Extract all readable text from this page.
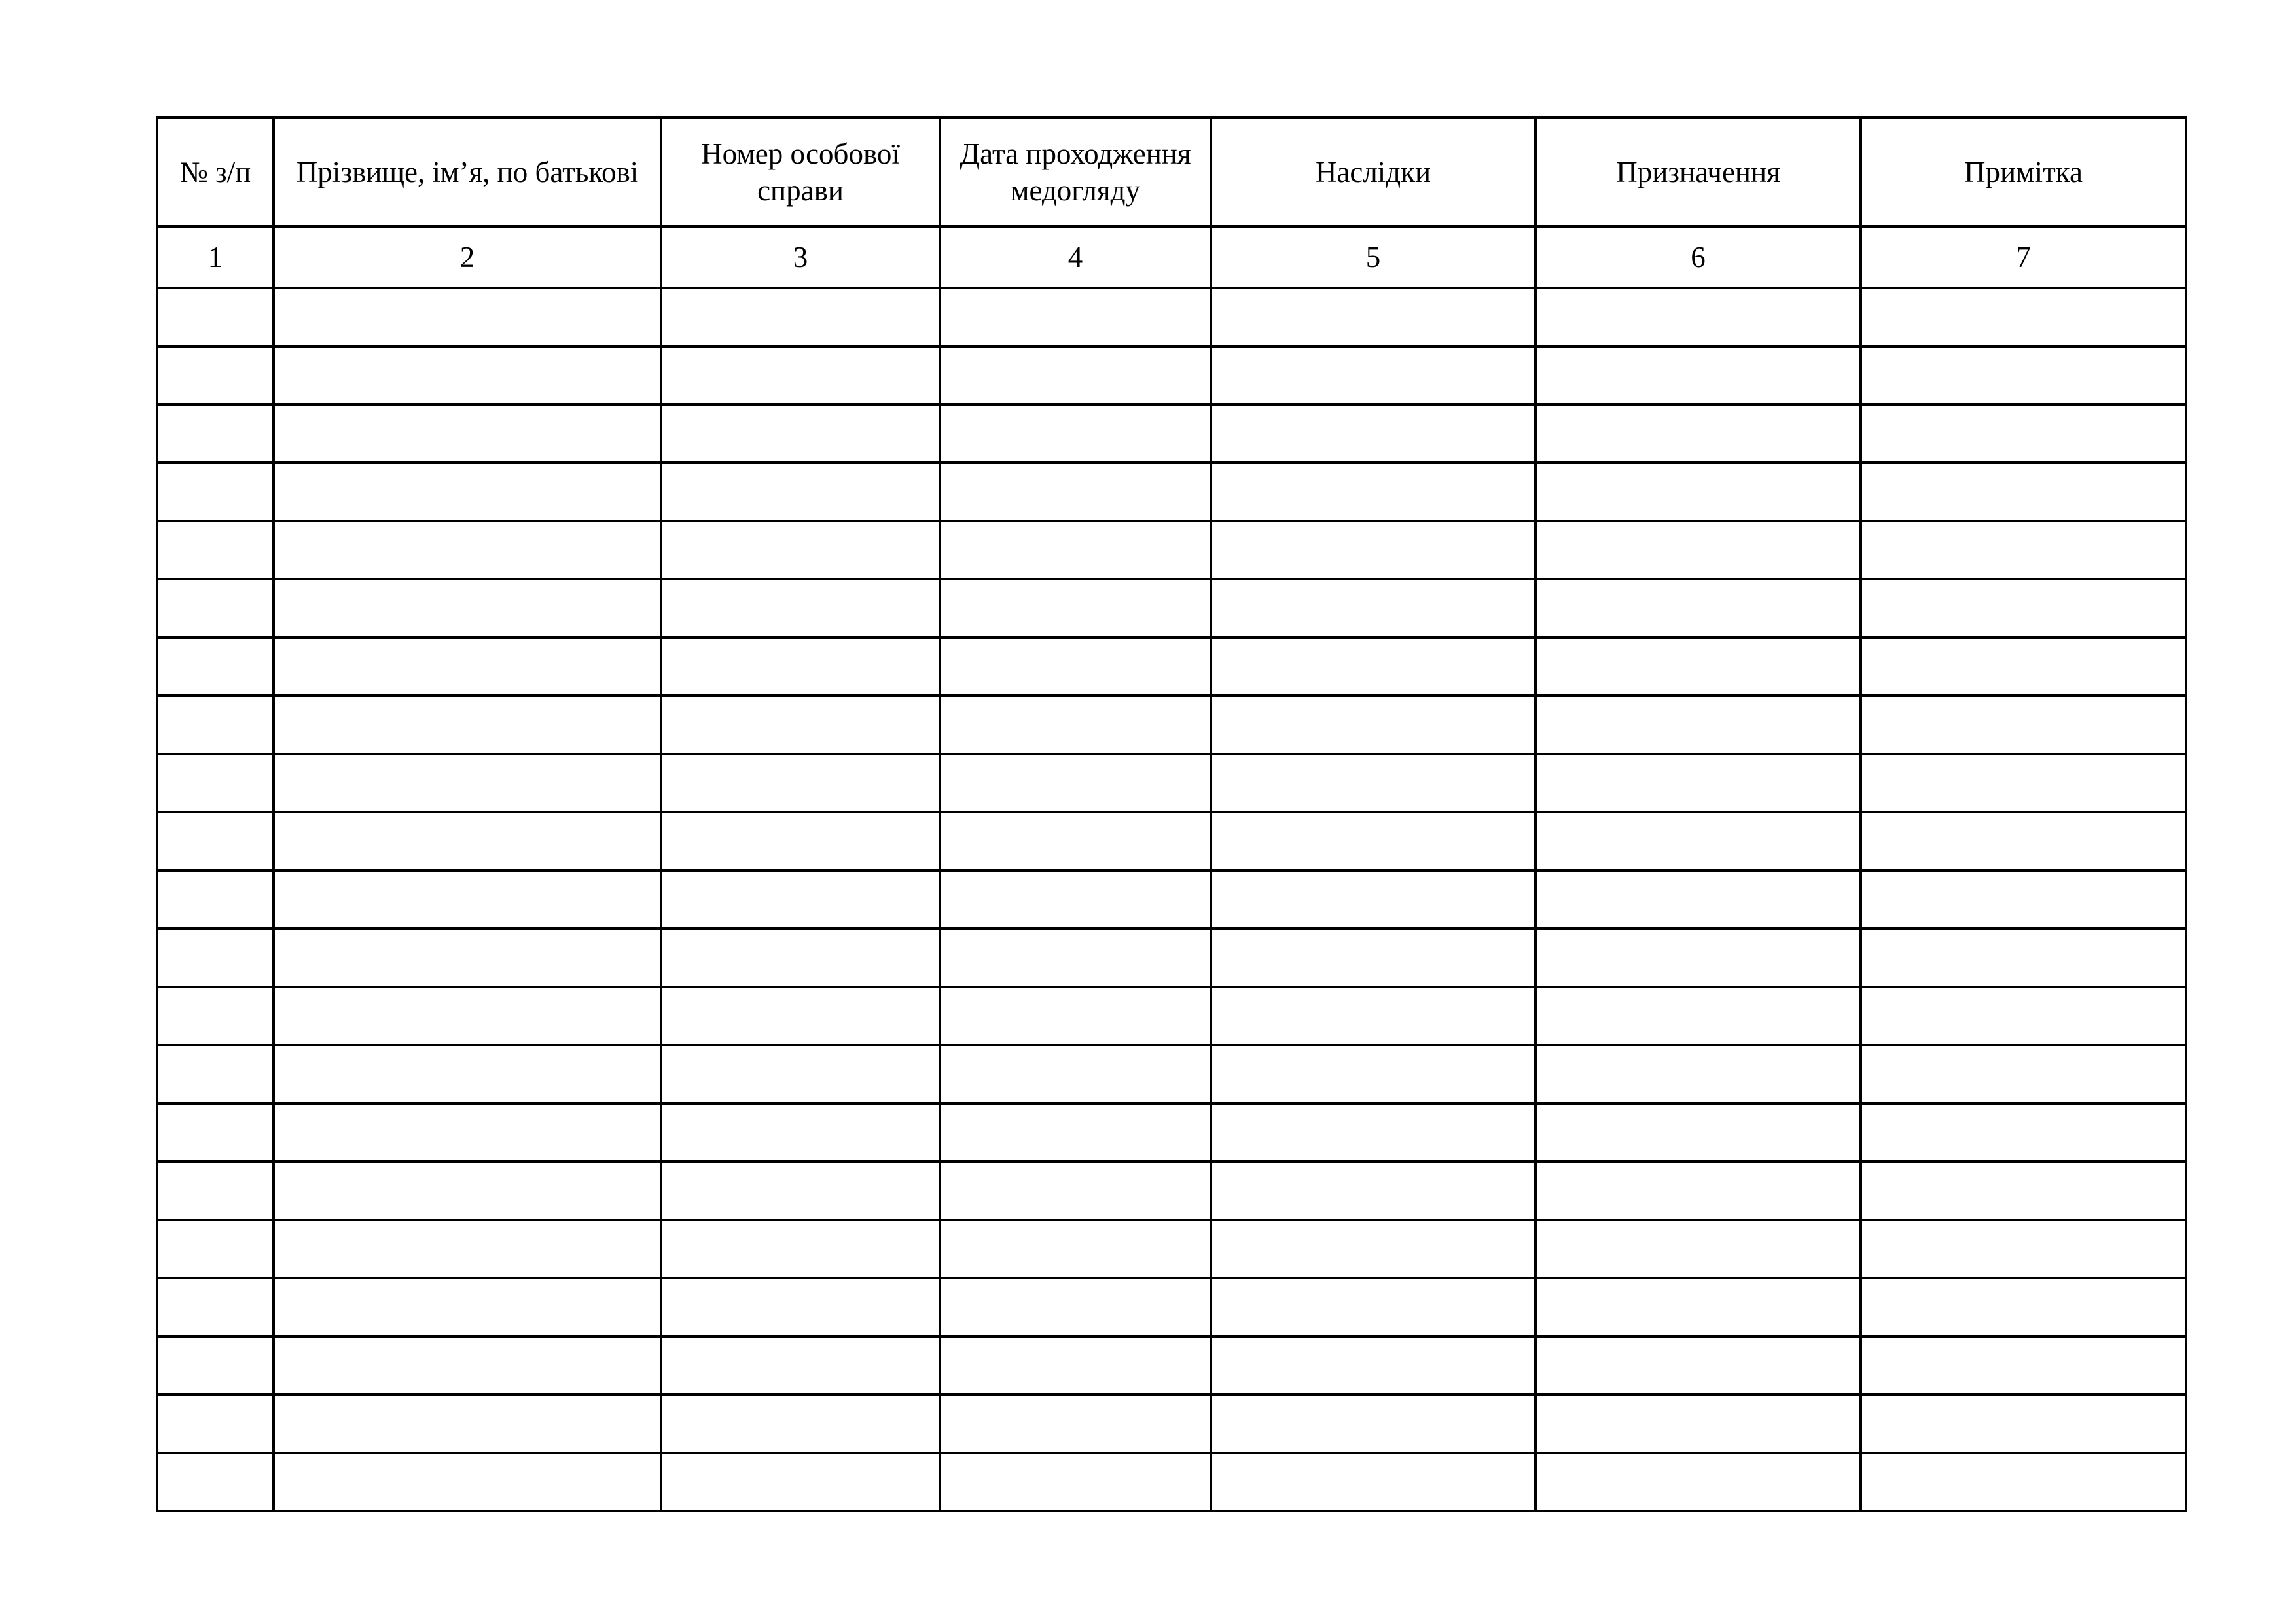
№ з/п	Прізвище, ім’я, по батькові	Номер особової справи	Дата проходження медогляду	Наслідки	Призначення	Примітка
1	2	3	4	5	6	7
